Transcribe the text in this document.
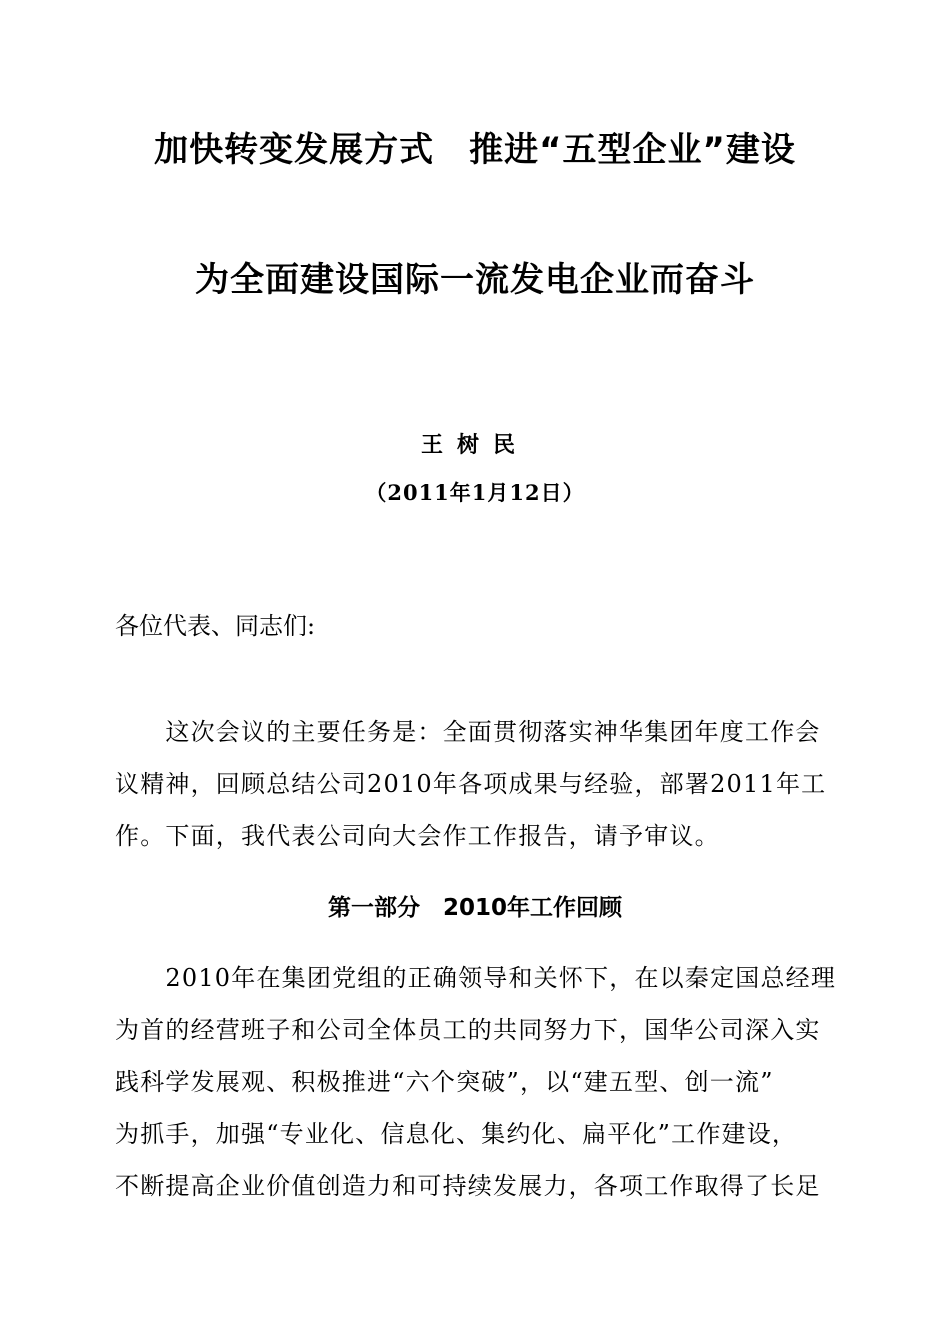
加快转变发展方式　推进“五型企业”建设
为全面建设国际一流发电企业而奋斗
王树民
（2011年1月12日）
各位代表、同志们:
　　这次会议的主要任务是：全面贯彻落实神华集团年度工作会
议精神，回顾总结公司2010年各项成果与经验，部署2011年工
作。下面，我代表公司向大会作工作报告，请予审议。
第一部分　2010年工作回顾
　　2010年在集团党组的正确领导和关怀下，在以秦定国总经理
为首的经营班子和公司全体员工的共同努力下，国华公司深入实
践科学发展观、积极推进“六个突破”，以“建五型、创一流”
为抓手，加强“专业化、信息化、集约化、扁平化”工作建设，
不断提高企业价值创造力和可持续发展力，各项工作取得了长足
